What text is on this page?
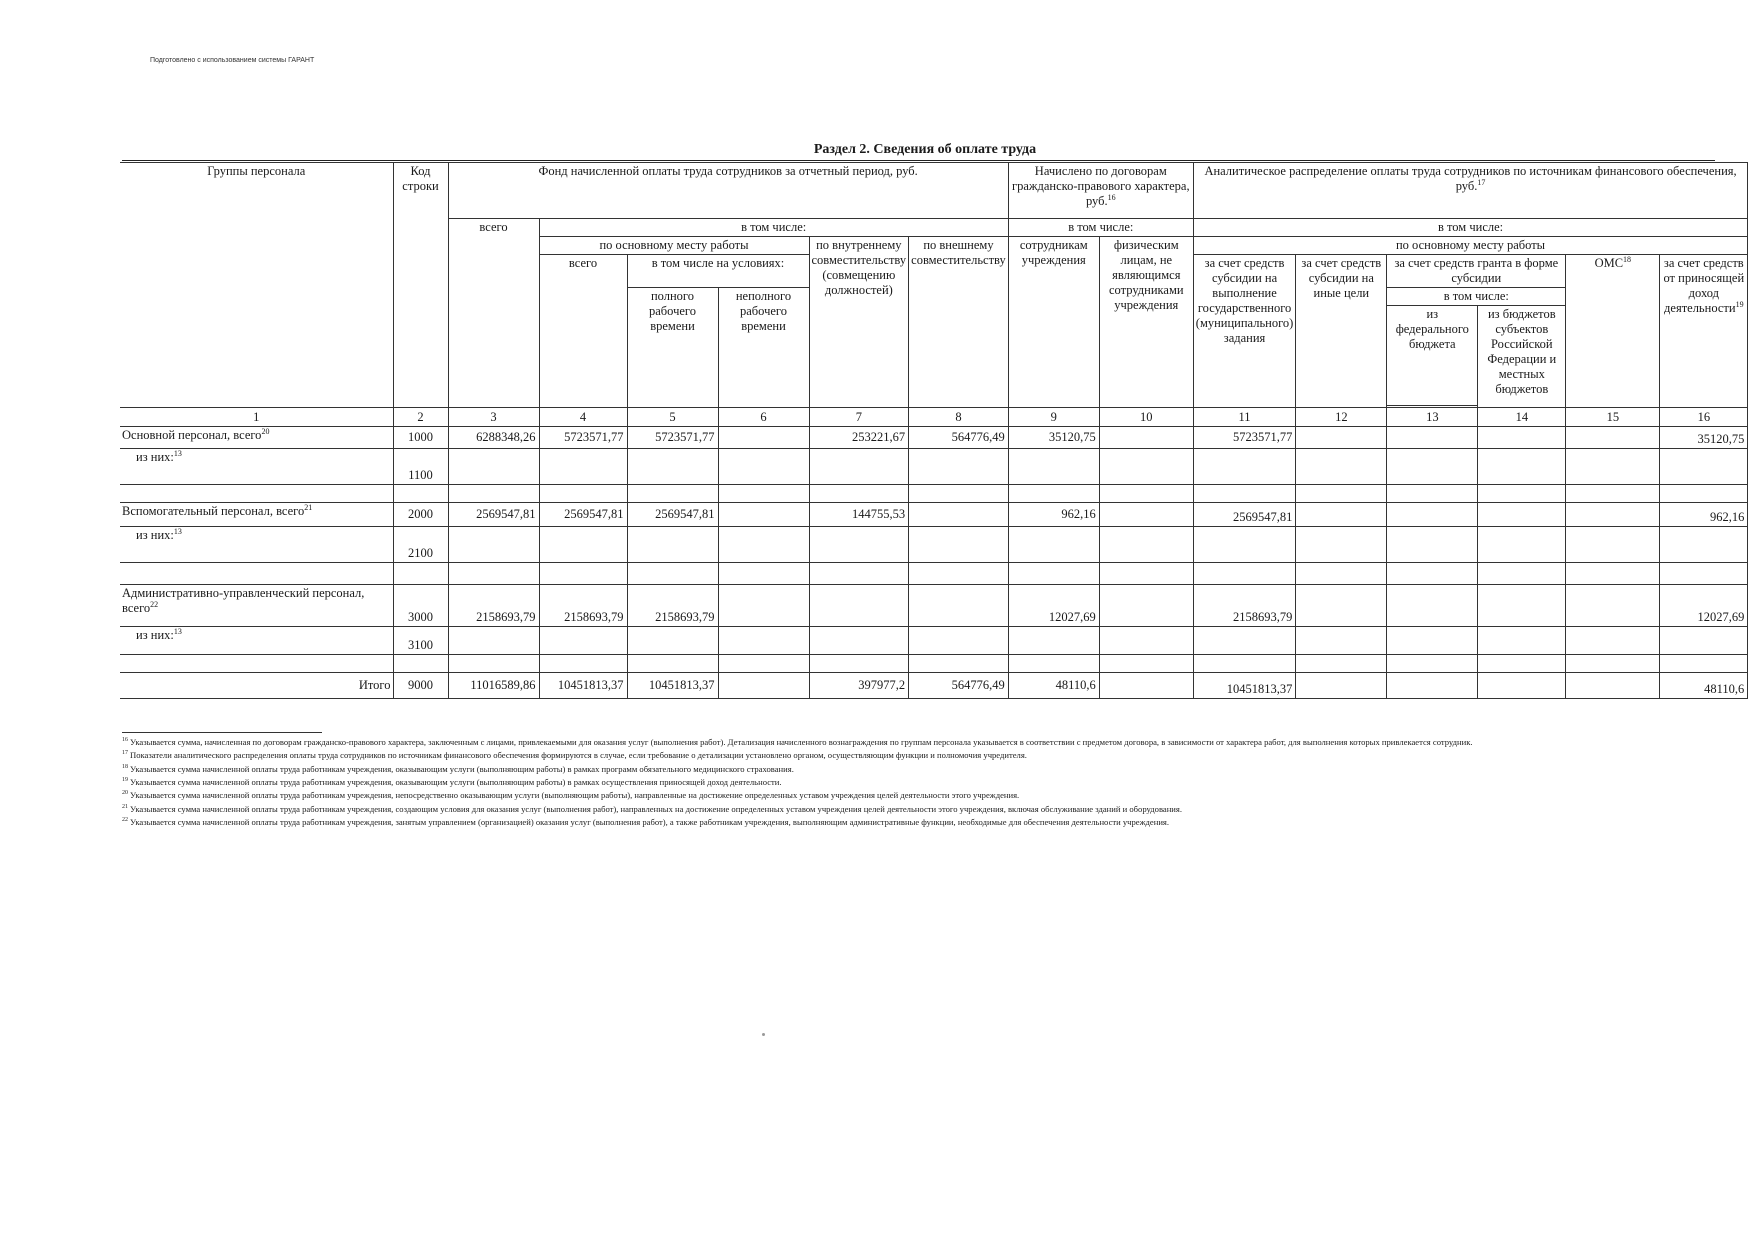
Подготовлено с использованием системы ГАРАНТ
Раздел 2. Сведения об оплате труда
Группы персонала	Код строки	Фонд начисленной оплаты труда сотрудников за отчетный период, руб.						Начислено по договорам гражданско-правового характера, руб.$^{16}$		Аналитическое распределение оплаты труда сотрудников по источникам финансового обеспечения, руб.$^{17}$
		всего	в том числе:					в том числе:		в том числе:					
			по основному месту работы			по внутреннему совместительству (совмещению должностей)	по внешнему совместительству	сотрудникам учреждения	физическим лицам, не являющимся сотрудниками учреждения	по основному месту работы					
			всего	в том числе на условиях:						за счет средств субсидии на выполнение государственного (муниципального) задания	за счет средств субсидии на иные цели	за счет средств гранта в форме субсидии		ОМС$^{18}$	за счет средств от приносящей доход деятельности$^{19}$
				полного рабочего времени	неполного рабочего времени							в том числе:			
												из федерального бюджета	из бюджетов субъектов Российской Федерации и местных бюджетов		

1	2	3	4	5	6	7	8	9	10	11	12	13	14	15	16
Основной персонал, всего$^{20}$	1000	6288348,26	5723571,77	5723571,77		253221,67	564776,49	35120,75		5723571,77					35120,75
из них:$^{13}$	1100														

Вспомогательный персонал, всего$^{21}$	2000	2569547,81	2569547,81	2569547,81		144755,53		962,16		2569547,81					962,16
из них:$^{13}$	2100														

Административно-управленческий персонал, всего$^{22}$	3000	2158693,79	2158693,79	2158693,79				12027,69		2158693,79					12027,69
из них:$^{13}$	3100														

Итого	9000	11016589,86	10451813,37	10451813,37		397977,2	564776,49	48110,6		10451813,37					48110,6

$^{16}$ Указывается сумма, начисленная по договорам гражданско-правового характера, заключенным с лицами, привлекаемыми для оказания услуг (выполнения работ). Детализация начисленного вознаграждения по группам персонала указывается в соответствии с предметом договора, в зависимости от характера работ, для выполнения которых привлекается сотрудник.

$^{17}$ Показатели аналитического распределения оплаты труда сотрудников по источникам финансового обеспечения формируются в случае, если требование о детализации установлено органом, осуществляющим функции и полномочия учредителя.

$^{18}$ Указывается сумма начисленной оплаты труда работникам учреждения, оказывающим услуги (выполняющим работы) в рамках программ обязательного медицинского страхования.

$^{19}$ Указывается сумма начисленной оплаты труда работникам учреждения, оказывающим услуги (выполняющим работы) в рамках осуществления приносящей доход деятельности.

$^{20}$ Указывается сумма начисленной оплаты труда работникам учреждения, непосредственно оказывающим услуги (выполняющим работы), направленные на достижение определенных уставом учреждения целей деятельности этого учреждения.

$^{21}$ Указывается сумма начисленной оплаты труда работникам учреждения, создающим условия для оказания услуг (выполнения работ), направленных на достижение определенных уставом учреждения целей деятельности этого учреждения, включая обслуживание зданий и оборудования.

$^{22}$ Указывается сумма начисленной оплаты труда работникам учреждения, занятым управлением (организацией) оказания услуг (выполнения работ), а также работникам учреждения, выполняющим административные функции, необходимые для обеспечения деятельности учреждения.
